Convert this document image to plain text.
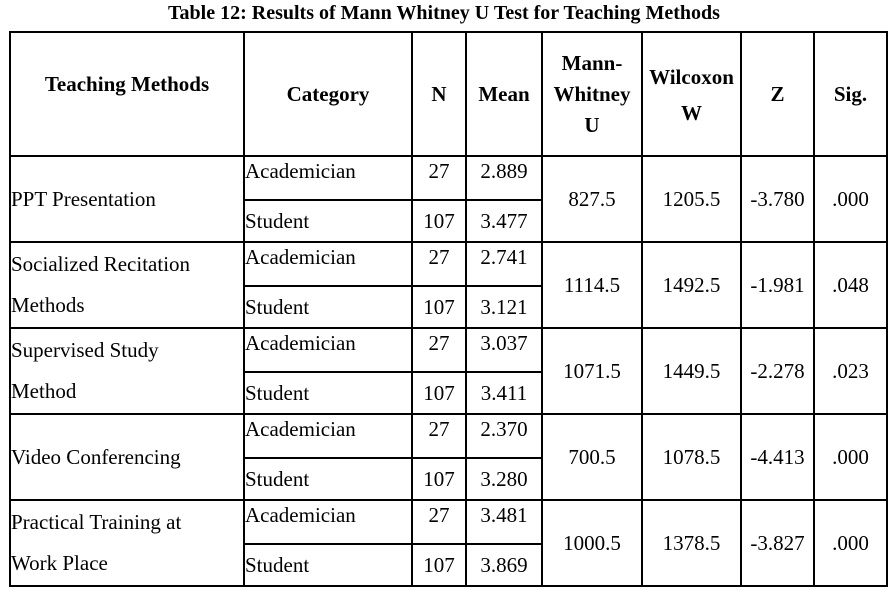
Table 12: Results of Mann Whitney U Test for Teaching Methods
Teaching Methods	Category	N	Mean	Mann-
Whitney
U	Wilcoxon
W	Z	Sig.
PPT Presentation	Academician	27	2.889	827.5	1205.5	-3.780	.000
	Student	107	3.477				

Socialized Recitation
Methods	Academician	27	2.741	1114.5	1492.5	-1.981	.048
	Student	107	3.121				

Supervised Study
Method	Academician	27	3.037	1071.5	1449.5	-2.278	.023
	Student	107	3.411				
Video Conferencing	Academician	27	2.370	700.5	1078.5	-4.413	.000
	Student	107	3.280				

Practical Training at
Work Place	Academician	27	3.481	1000.5	1378.5	-3.827	.000
	Student	107	3.869				
